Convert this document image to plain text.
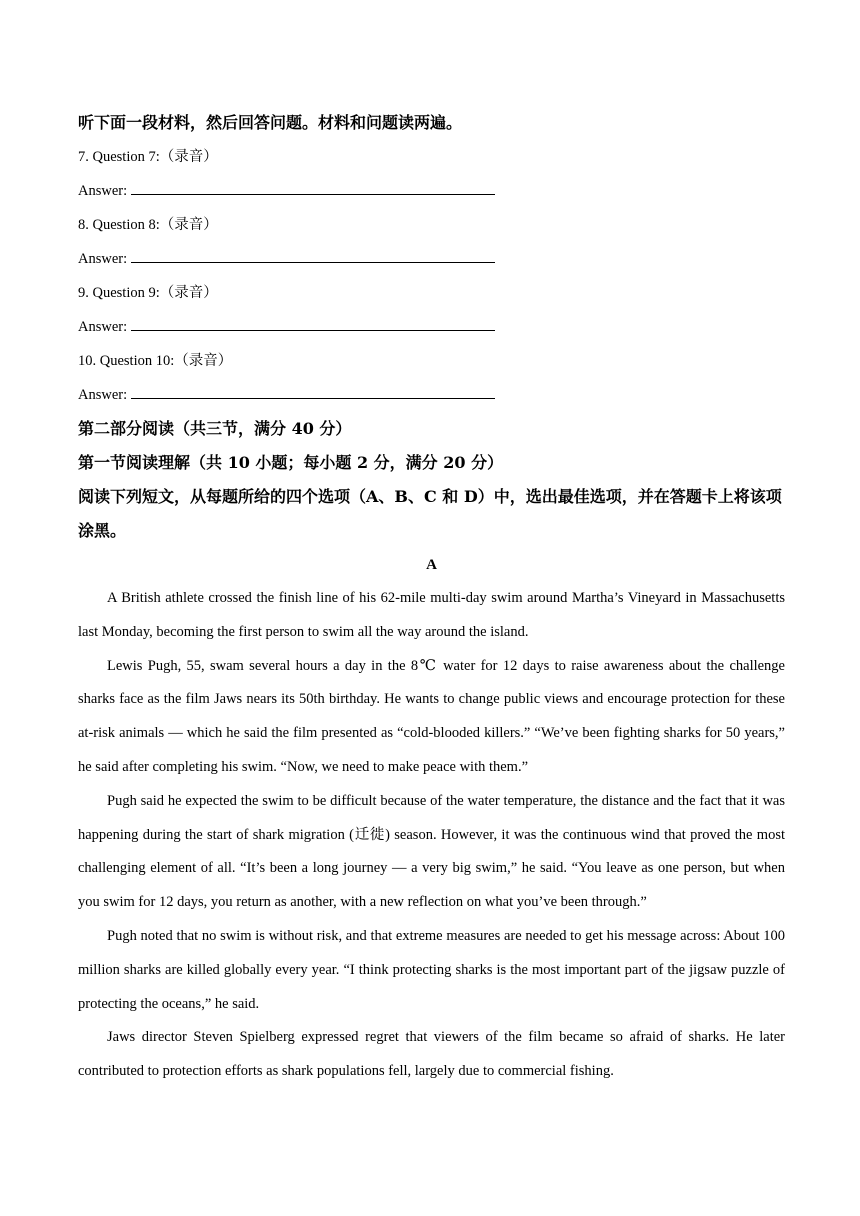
听下面一段材料，然后回答问题。材料和问题读两遍。
7. Question 7:（录音）
Answer:
8. Question 8:（录音）
Answer:
9. Question 9:（录音）
Answer:
10. Question 10:（录音）
Answer:
第二部分阅读（共三节，满分 40 分）
第一节阅读理解（共 10 小题；每小题 2 分，满分 20 分）
阅读下列短文，从每题所给的四个选项（A、B、C 和 D）中，选出最佳选项，并在答题卡上将该项涂黑。
A

A British athlete crossed the finish line of his 62-mile multi-day swim around Martha’s Vineyard in Massachusetts last Monday, becoming the first person to swim all the way around the island.

Lewis Pugh, 55, swam several hours a day in the 8℃ water for 12 days to raise awareness about the challenge sharks face as the film Jaws nears its 50th birthday. He wants to change public views and encourage protection for these at-risk animals — which he said the film presented as “cold-blooded killers.” “We’ve been fighting sharks for 50 years,” he said after completing his swim. “Now, we need to make peace with them.”

Pugh said he expected the swim to be difficult because of the water temperature, the distance and the fact that it was happening during the start of shark migration (迁徙) season. However, it was the continuous wind that proved the most challenging element of all. “It’s been a long journey — a very big swim,” he said. “You leave as one person, but when you swim for 12 days, you return as another, with a new reflection on what you’ve been through.”

Pugh noted that no swim is without risk, and that extreme measures are needed to get his message across: About 100 million sharks are killed globally every year. “I think protecting sharks is the most important part of the jigsaw puzzle of protecting the oceans,” he said.

Jaws director Steven Spielberg expressed regret that viewers of the film became so afraid of sharks. He later contributed to protection efforts as shark populations fell, largely due to commercial fishing.
